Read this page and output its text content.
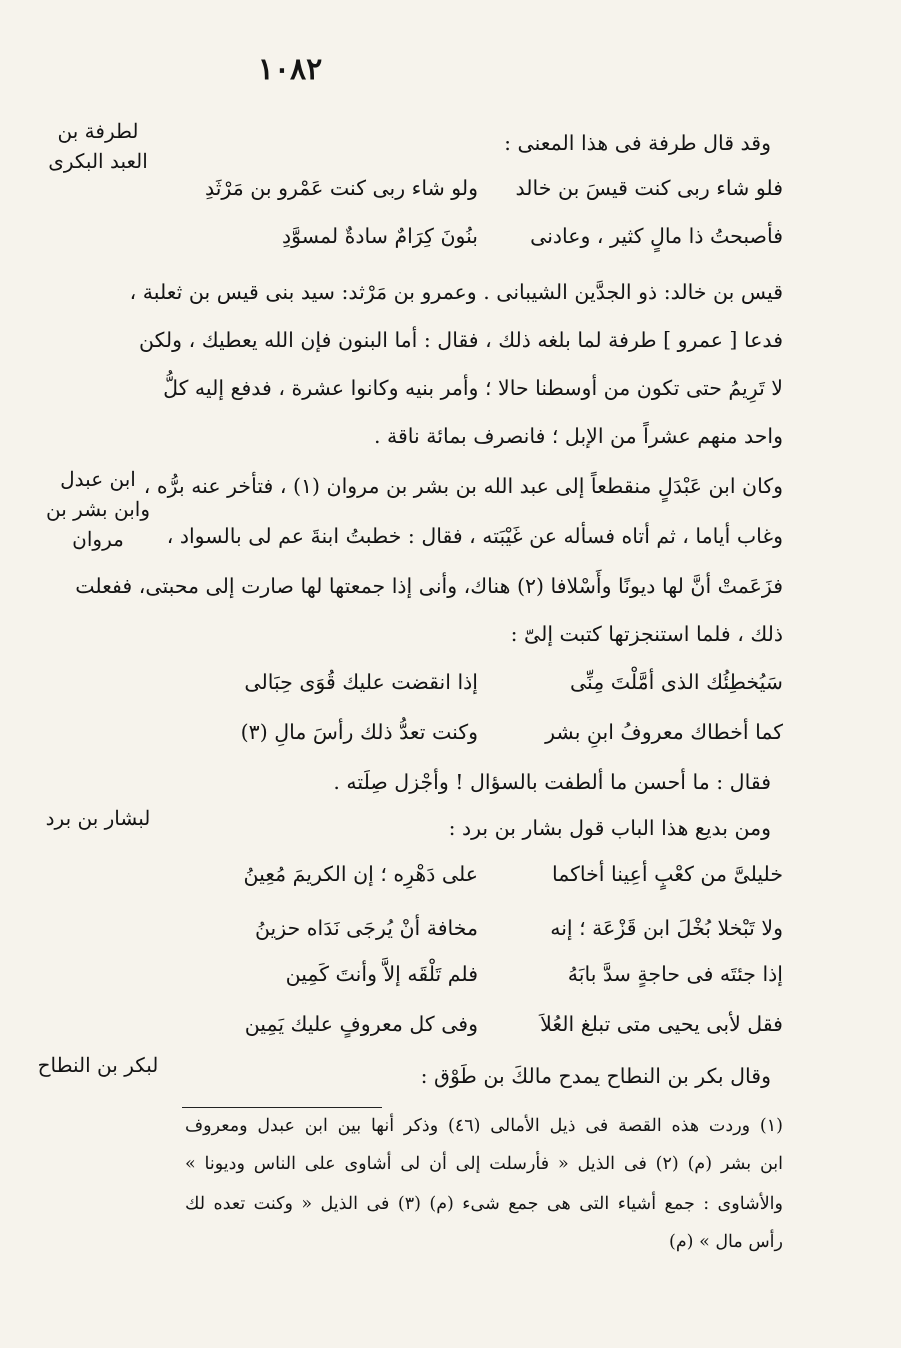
١٠٨٢
لطرفة بن
العبد البكرى
ابن عبدل
وابن بشر بن
مروان
لبشار بن برد
لبكر بن النطاح
وقد قال طرفة فى هذا المعنى :
فلو شاء ربى كنت قيسَ بن خالد
ولو شاء ربى كنت عَمْرو بن مَرْثَدِ
فأصبحتُ ذا مالٍ كثير ، وعادنى
بنُونَ كِرَامٌ سادةٌ لمسوَّدِ
قيس بن خالد: ذو الجدَّين الشيبانى . وعمرو بن مَرْثد: سيد بنى قيس بن ثعلبة ،
فدعا [ عمرو ] طرفة لما بلغه ذلك ، فقال : أما البنون فإن الله يعطيك ، ولكن
لا تَرِيمُ حتى تكون من أوسطنا حالا ؛ وأمر بنيه وكانوا عشرة ، فدفع إليه كلُّ
واحد منهم عشراً من الإبل ؛ فانصرف بمائة ناقة .
وكان ابن عَبْدَلٍ منقطعاً إلى عبد الله بن بشر بن مروان (١) ، فتأخر عنه برُّه ،
وغاب أياما ، ثم أتاه فسأله عن غَيْبَته ، فقال : خطبتُ ابنةَ عم لى بالسواد ،
فزَعَمتْ أنَّ لها ديونًا وأَسْلافا (٢) هناك، وأنى إذا جمعتها لها صارت إلى محبتى، ففعلت
ذلك ، فلما استنجزتها كتبت إلىّ :
سَيُخطِئُك الذى أمَّلْتَ مِنِّى
إذا انقضت عليك قُوَى حِبَالى
كما أخطاك معروفُ ابنِ بشر
وكنت تعدُّ ذلك رأسَ مالِ (٣)
فقال : ما أحسن ما ألطفت بالسؤال ! وأجْزل صِلَته .
ومن بديع هذا الباب قول بشار بن برد :
خليلىَّ من كعْبٍ أعِينا أخاكما
على دَهْرِه ؛ إن الكريمَ مُعِينُ
ولا تَبْخلا بُخْلَ ابن قَزْعَة ؛ إنه
مخافة أنْ يُرجَى نَدَاه حزينُ
إذا جئتَه فى حاجةٍ سدَّ بابَهُ
فلم تَلْقَه إلاَّ وأنتَ كَمِين
فقل لأبى يحيى متى تبلغ العُلاَ
وفى كل معروفٍ عليك يَمِين
وقال بكر بن النطاح يمدح مالكَ بن طَوْق :
(١) وردت هذه القصة فى ذيل الأمالى (٤٦) وذكر أنها بين ابن عبدل ومعروف
ابن بشر (م) (٢) فى الذيل « فأرسلت إلى أن لى أشاوى على الناس وديونا »
والأشاوى : جمع أشياء التى هى جمع شىء (م) (٣) فى الذيل « وكنت تعده لك
رأس مال » (م)
